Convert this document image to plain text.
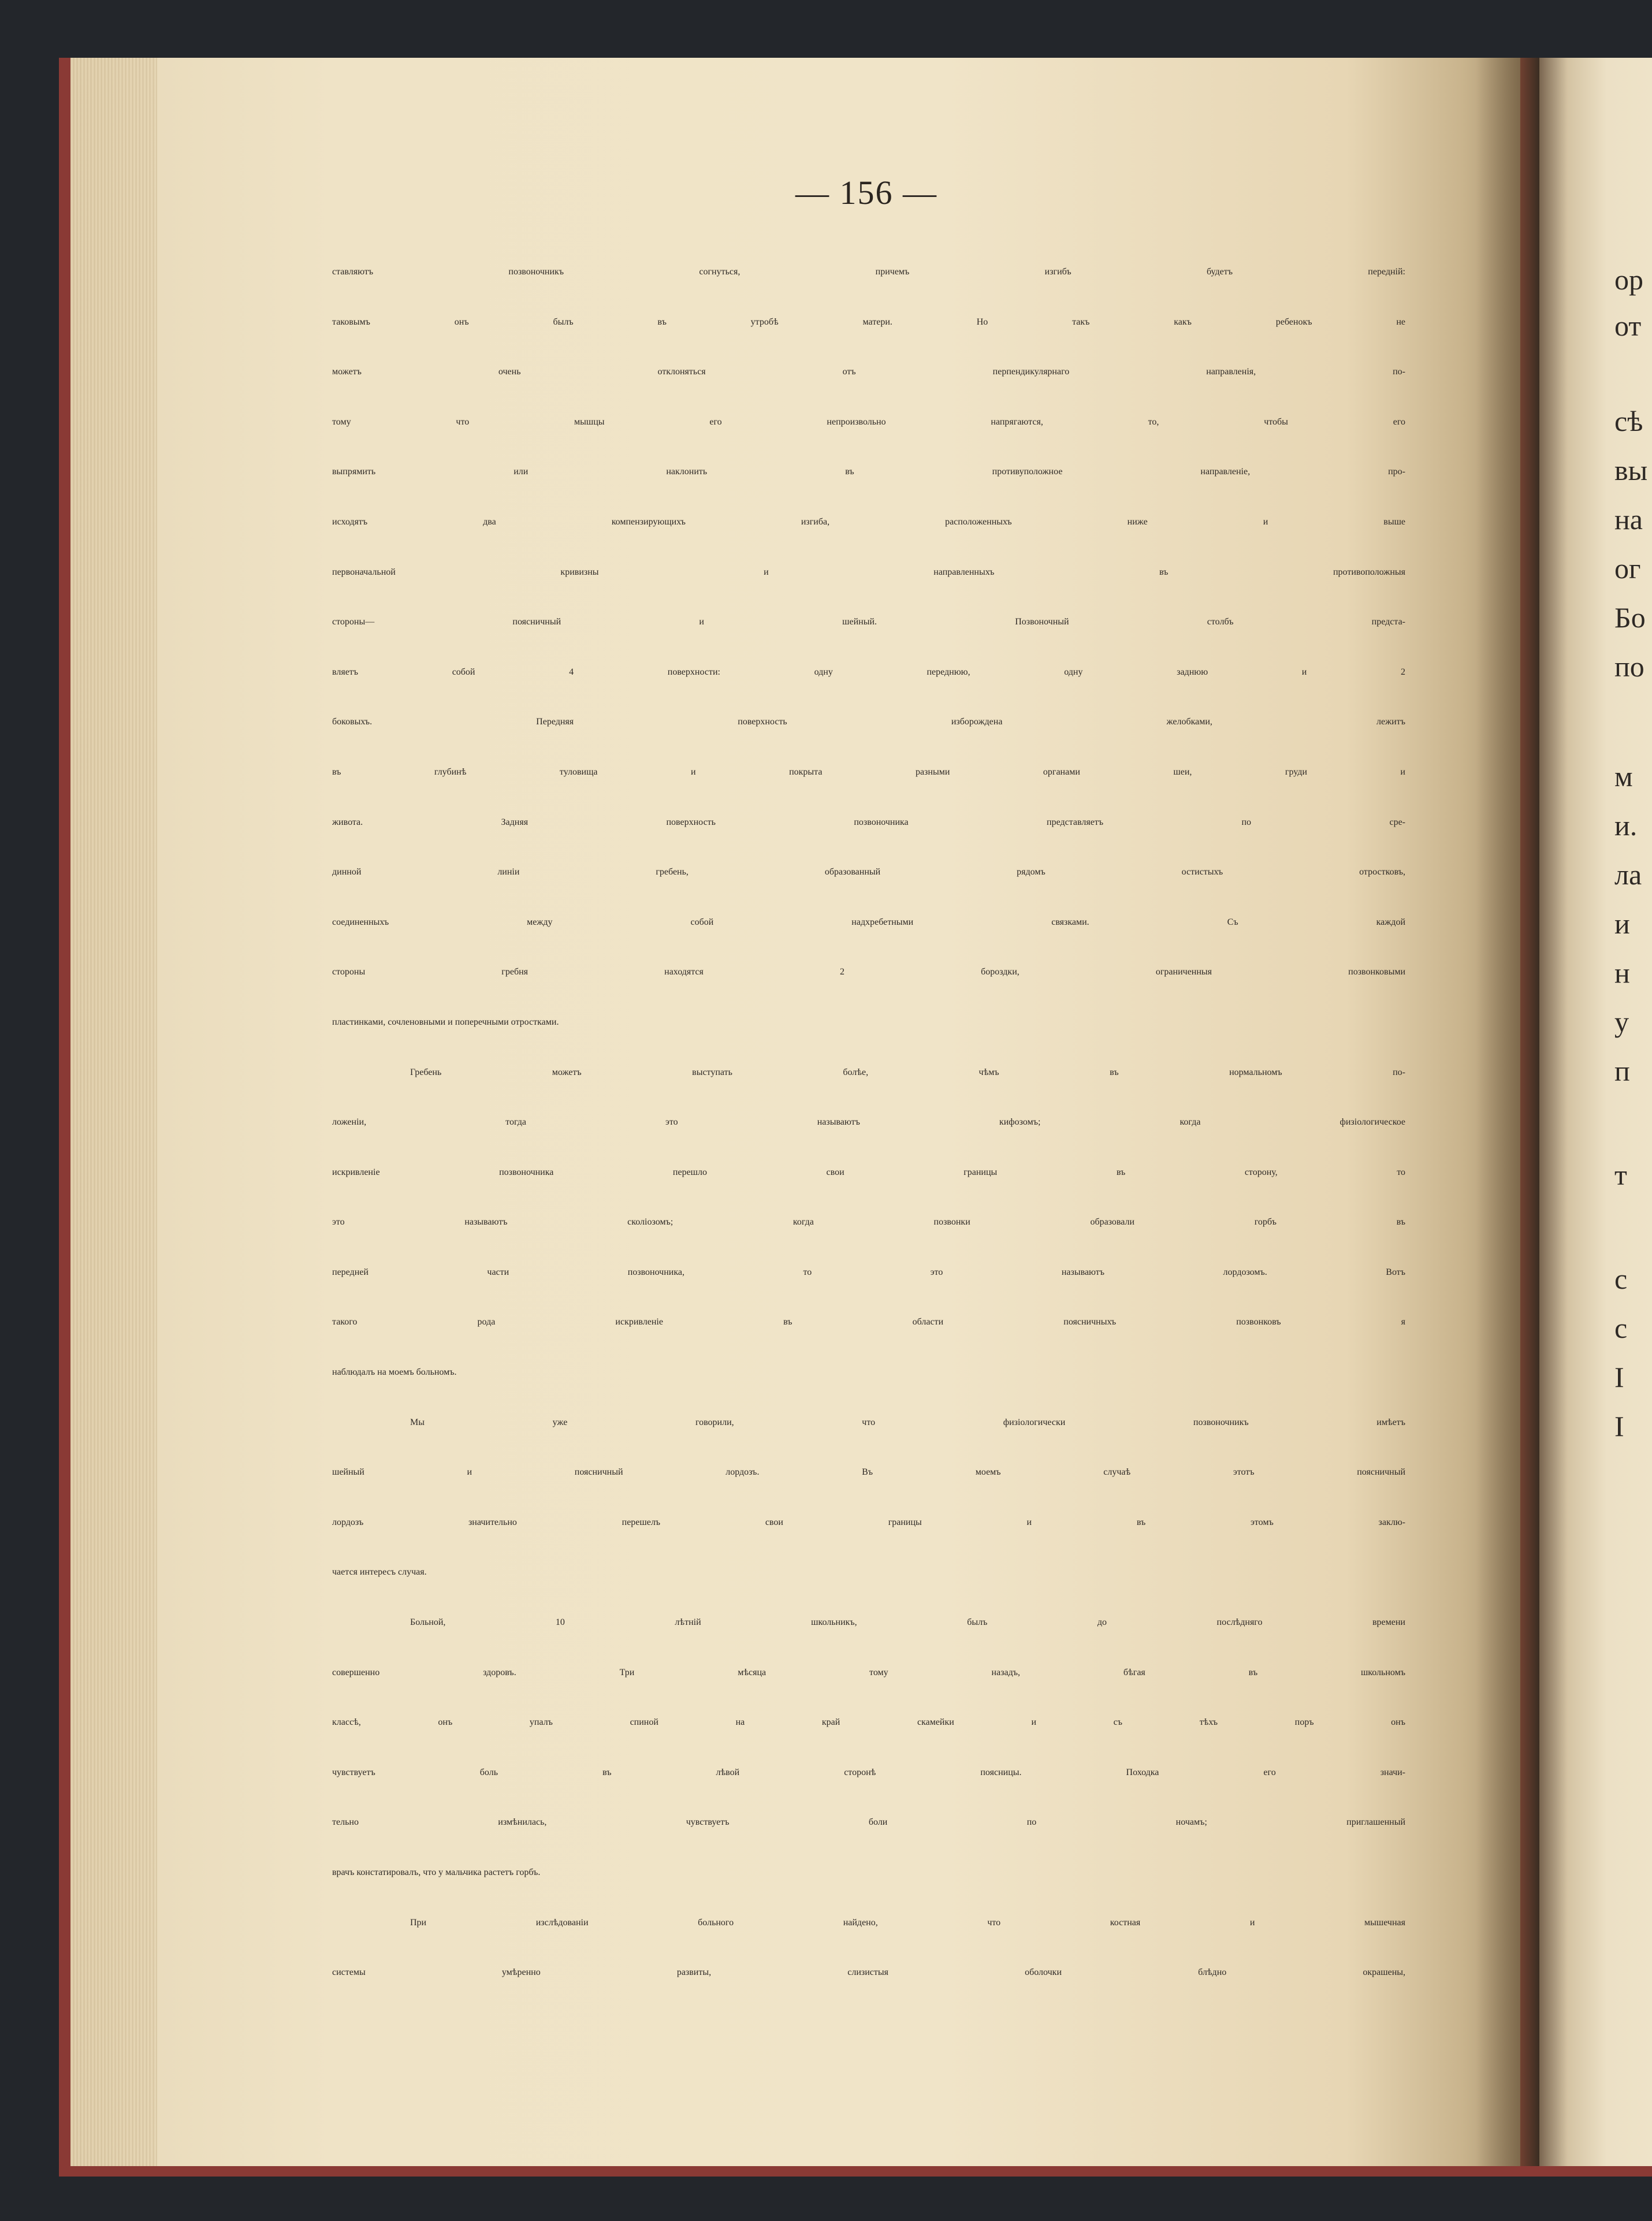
— 156 —
ставляютъ позвоночникъ согнуться, причемъ изгибъ будетъ передній:
таковымъ онъ былъ въ утробѣ матери. Но такъ какъ ребенокъ не
можетъ очень отклоняться отъ перпендикулярнаго направленія, по-
тому что мышцы его непроизвольно напрягаются, то, чтобы его
выпрямить или наклонить въ противуположное направленіе, про-
исходятъ два компензирующихъ изгиба, расположенныхъ ниже и выше
первоначальной кривизны и направленныхъ въ противоположныя
стороны— поясничный и шейный. Позвоночный столбъ предста-
вляетъ собой 4 поверхности: одну переднюю, одну заднюю и 2
боковыхъ. Передняя поверхность изборождена желобками, лежитъ
въ глубинѣ туловища и покрыта разными органами шеи, груди и
живота. Задняя поверхность позвоночника представляетъ по сре-
динной линіи гребень, образованный рядомъ остистыхъ отростковъ,
соединенныхъ между собой надхребетными связками. Съ каждой
стороны гребня находятся 2 бороздки, ограниченныя позвонковыми
пластинками, сочленовными и поперечными отростками.
Гребень можетъ выступать болѣе, чѣмъ въ нормальномъ по-
ложеніи, тогда это называютъ кифозомъ; когда физіологическое
искривленіе позвоночника перешло свои границы въ сторону, то
это называютъ сколіозомъ; когда позвонки образовали горбъ въ
передней части позвоночника, то это называютъ лордозомъ. Вотъ
такого рода искривленіе въ области поясничныхъ позвонковъ я
наблюдалъ на моемъ больномъ.
Мы уже говорили, что физіологически позвоночникъ имѣетъ
шейный и поясничный лордозъ. Въ моемъ случаѣ этотъ поясничный
лордозъ значительно перешелъ свои границы и въ этомъ заклю-
чается интересъ случая.
Больной, 10 лѣтній школьникъ, былъ до послѣдняго времени
совершенно здоровъ. Три мѣсяца тому назадъ, бѣгая въ школьномъ
классѣ, онъ упалъ спиной на край скамейки и съ тѣхъ поръ онъ
чувствуетъ боль въ лѣвой сторонѣ поясницы. Походка его значи-
тельно измѣнилась, чувствуетъ боли по ночамъ; приглашенный
врачъ констатировалъ, что у мальчика растетъ горбъ.
При изслѣдованіи больного найдено, что костная и мышечная
системы умѣренно развиты, слизистыя оболочки блѣдно окрашены,
ор
от
сѣ
вы
на
ог
Бо
по
м
и.
ла
и
н
у
п
т
с
с
I
I
